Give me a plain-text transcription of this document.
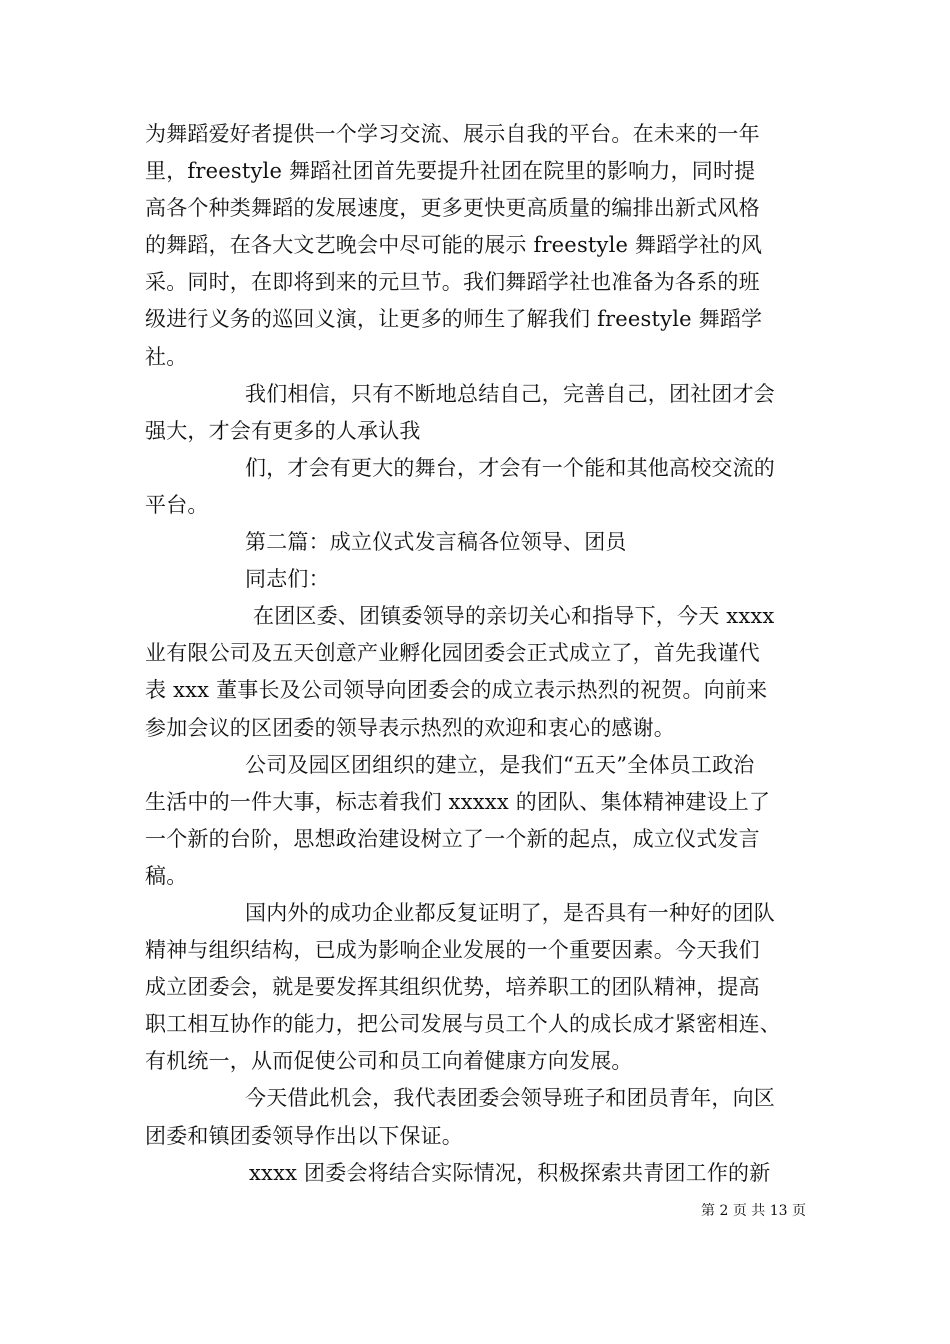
为舞蹈爱好者提供一个学习交流、展示自我的平台。在未来的一年
里，freestyle 舞蹈社团首先要提升社团在院里的影响力，同时提
高各个种类舞蹈的发展速度，更多更快更高质量的编排出新式风格
的舞蹈，在各大文艺晚会中尽可能的展示 freestyle 舞蹈学社的风
采。同时，在即将到来的元旦节。我们舞蹈学社也准备为各系的班
级进行义务的巡回义演，让更多的师生了解我们 freestyle 舞蹈学
社。
我们相信，只有不断地总结自己，完善自己，团社团才会
强大，才会有更多的人承认我
们，才会有更大的舞台，才会有一个能和其他高校交流的
平台。
第二篇：成立仪式发言稿各位领导、团员
同志们：
在团区委、团镇委领导的亲切关心和指导下，今天 xxxx
业有限公司及五天创意产业孵化园团委会正式成立了，首先我谨代
表 xxx 董事长及公司领导向团委会的成立表示热烈的祝贺。向前来
参加会议的区团委的领导表示热烈的欢迎和衷心的感谢。
公司及园区团组织的建立，是我们“五天”全体员工政治
生活中的一件大事，标志着我们 xxxxx 的团队、集体精神建设上了
一个新的台阶，思想政治建设树立了一个新的起点，成立仪式发言
稿。
国内外的成功企业都反复证明了，是否具有一种好的团队
精神与组织结构，已成为影响企业发展的一个重要因素。今天我们
成立团委会，就是要发挥其组织优势，培养职工的团队精神，提高
职工相互协作的能力，把公司发展与员工个人的成长成才紧密相连、
有机统一，从而促使公司和员工向着健康方向发展。
今天借此机会，我代表团委会领导班子和团员青年，向区
团委和镇团委领导作出以下保证。
xxxx 团委会将结合实际情况，积极探索共青团工作的新
第 2 页 共 13 页
